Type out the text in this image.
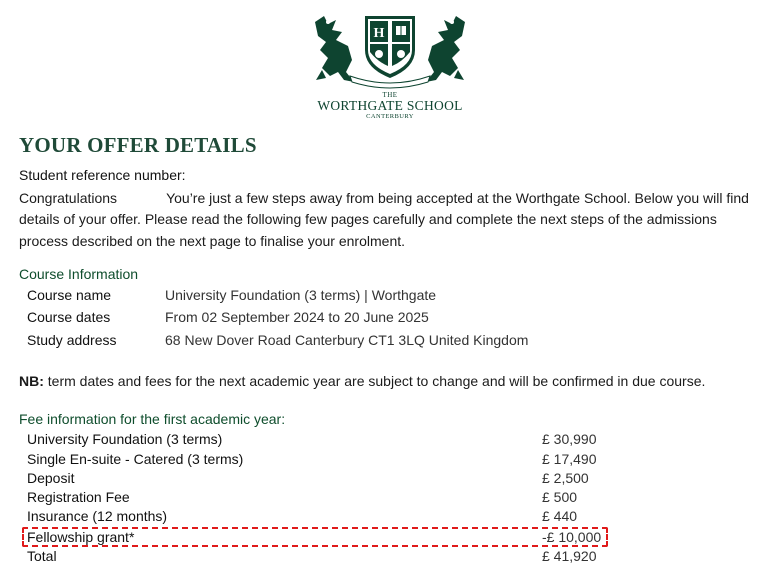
H
THE
WORTHGATE SCHOOL
CANTERBURY
YOUR OFFER DETAILS
Student reference number:
Congratulations	You’re just a few steps away from being accepted at the Worthgate School. Below you will find details of your offer. Please read the following few pages carefully and complete the next steps of the admissions process described on the next page to finalise your enrolment.
Course Information
Course name	University Foundation (3 terms) | Worthgate
Course dates	From 02 September 2024 to 20 June 2025
Study address	68 New Dover Road Canterbury CT1 3LQ United Kingdom
NB: term dates and fees for the next academic year are subject to change and will be confirmed in due course.
Fee information for the first academic year:
University Foundation (3 terms)	£ 30,990
Single En-suite - Catered (3 terms)	£ 17,490
Deposit	£ 2,500
Registration Fee	£ 500
Insurance (12 months)	£ 440
Fellowship grant*	-£ 10,000
Total	£ 41,920
